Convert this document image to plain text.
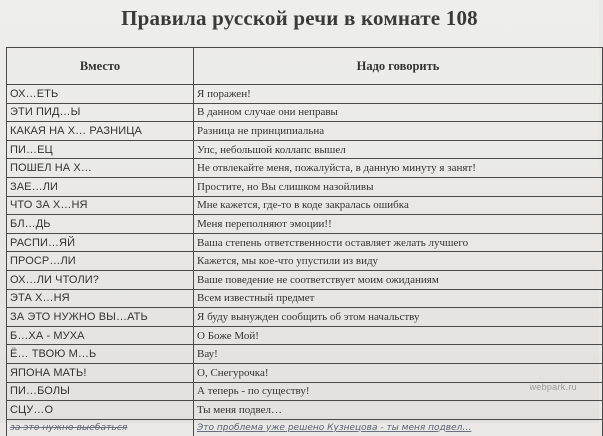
Правила русской речи в комнате 108
Вместо	Надо говорить
ОХ…ЕТЬ	Я поражен!
ЭТИ ПИД…Ы	В данном случае они неправы
КАКАЯ НА Х… РАЗНИЦА	Разница не принципиальна
ПИ…ЕЦ	Упс, небольшой коллапс вышел
ПОШЕЛ НА Х…	Не отвлекайте меня, пожалуйста, в данную минуту я занят!
ЗАЕ…ЛИ	Простите, но Вы слишком назойливы
ЧТО ЗА Х…НЯ	Мне кажется, где-то в коде закралась ошибка
БЛ…ДЬ	Меня переполняют эмоции!!
РАСПИ…ЯЙ	Ваша степень ответственности оставляет желать лучшего
ПРОСР…ЛИ	Кажется, мы кое-что упустили из виду
ОХ…ЛИ ЧТОЛИ?	Ваше поведение не соответствует моим ожиданиям
ЭТА Х…НЯ	Всем известный предмет
ЗА ЭТО НУЖНО ВЫ…АТЬ	Я буду вынужден сообщить об этом начальству
Б…ХА - МУХА	О Боже Мой!
Ё… ТВОЮ М…Ь	Вау!
ЯПОНА МАТЬ!	О, Снегурочка!
ПИ…БОЛЫ	А теперь - по существу!
СЦУ…О	Ты меня подвел…
за это нужно выебаться	Это проблема уже решено Кузнецова - ты меня подвел…
webpark.ru
